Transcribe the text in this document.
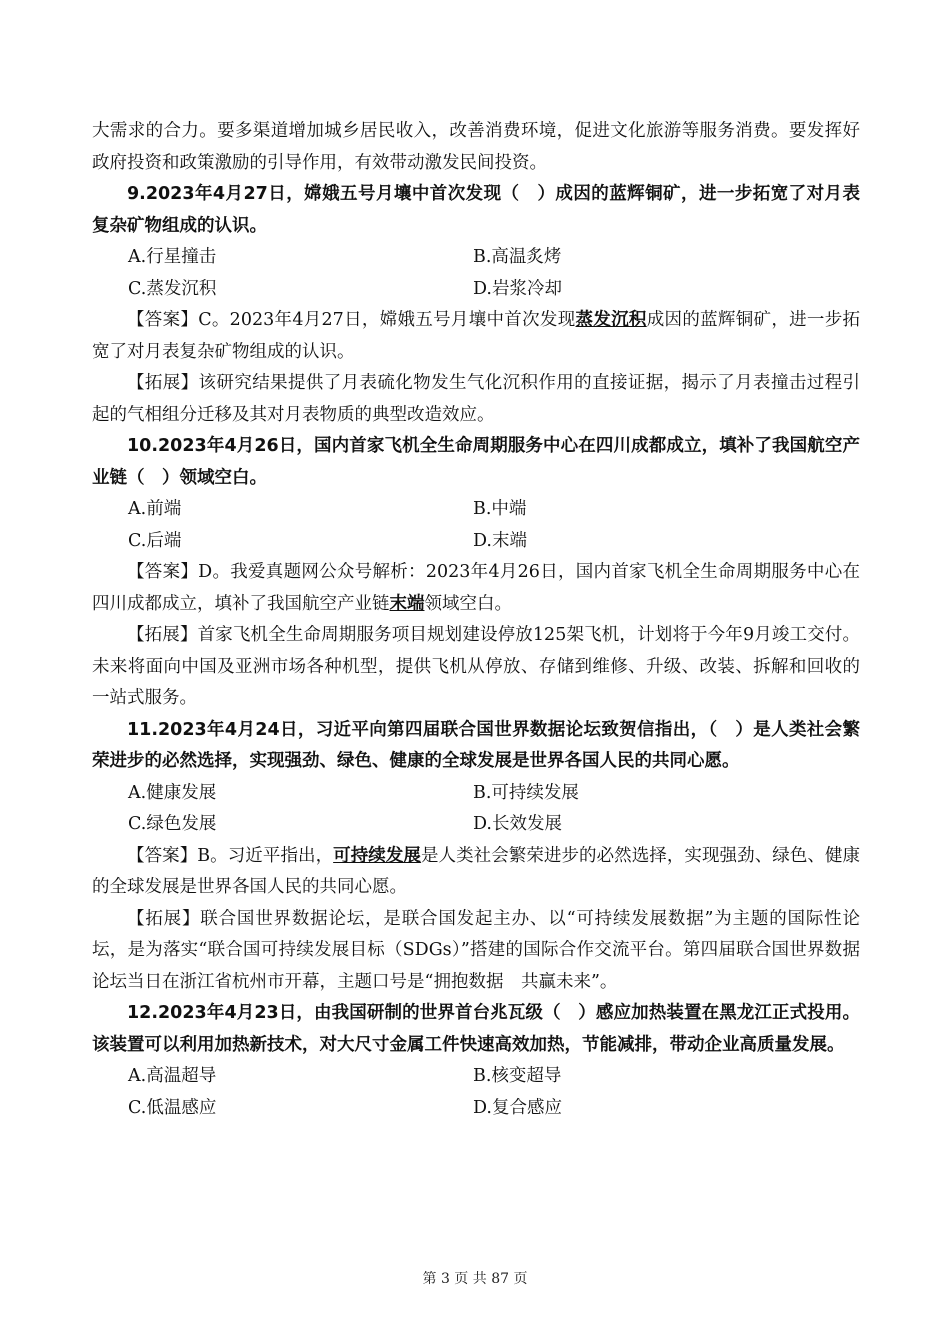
大需求的合力。要多渠道增加城乡居民收入，改善消费环境，促进文化旅游等服务消费。要发挥好政府投资和政策激励的引导作用，有效带动激发民间投资。

9.2023年4月27日，嫦娥五号月壤中首次发现（　）成因的蓝辉铜矿，进一步拓宽了对月表复杂矿物组成的认识。

A.行星撞击	B.高温炙烤
C.蒸发沉积	D.岩浆冷却

【答案】C。2023年4月27日，嫦娥五号月壤中首次发现蒸发沉积成因的蓝辉铜矿，进一步拓宽了对月表复杂矿物组成的认识。

【拓展】该研究结果提供了月表硫化物发生气化沉积作用的直接证据，揭示了月表撞击过程引起的气相组分迁移及其对月表物质的典型改造效应。

10.2023年4月26日，国内首家飞机全生命周期服务中心在四川成都成立，填补了我国航空产业链（　）领域空白。

A.前端	B.中端
C.后端	D.末端

【答案】D。我爱真题网公众号解析：2023年4月26日，国内首家飞机全生命周期服务中心在四川成都成立，填补了我国航空产业链末端领域空白。

【拓展】首家飞机全生命周期服务项目规划建设停放125架飞机，计划将于今年9月竣工交付。未来将面向中国及亚洲市场各种机型，提供飞机从停放、存储到维修、升级、改装、拆解和回收的一站式服务。

11.2023年4月24日，习近平向第四届联合国世界数据论坛致贺信指出，（　）是人类社会繁荣进步的必然选择，实现强劲、绿色、健康的全球发展是世界各国人民的共同心愿。

A.健康发展	B.可持续发展
C.绿色发展	D.长效发展

【答案】B。习近平指出，可持续发展是人类社会繁荣进步的必然选择，实现强劲、绿色、健康的全球发展是世界各国人民的共同心愿。

【拓展】联合国世界数据论坛，是联合国发起主办、以“可持续发展数据”为主题的国际性论坛，是为落实“联合国可持续发展目标（SDGs）”搭建的国际合作交流平台。第四届联合国世界数据论坛当日在浙江省杭州市开幕，主题口号是“拥抱数据　共赢未来”。

12.2023年4月23日，由我国研制的世界首台兆瓦级（　）感应加热装置在黑龙江正式投用。该装置可以利用加热新技术，对大尺寸金属工件快速高效加热，节能减排，带动企业高质量发展。

A.高温超导	B.核变超导
C.低温感应	D.复合感应
第 3 页 共 87 页
